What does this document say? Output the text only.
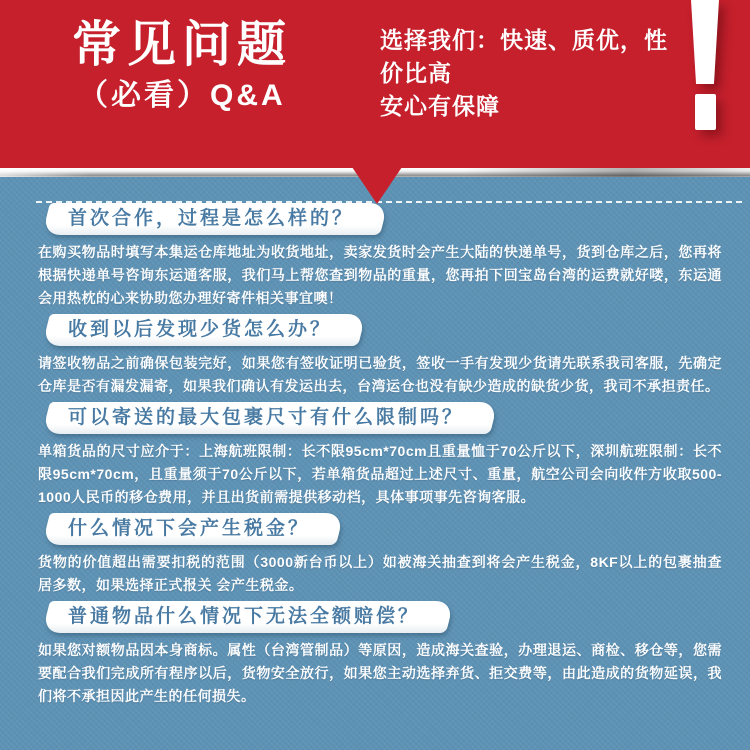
常见问题
（必看）Q&A
选择我们：快速、质优，性价比高
安心有保障
首次合作，过程是怎么样的？
在购买物品时填写本集运仓库地址为收货地址，卖家发货时会产生大陆的快递单号，货到仓库之后，您再将根据快递单号咨询东运通客服，我们马上帮您查到物品的重量，您再拍下回宝岛台湾的运费就好喽，东运通会用热枕的心来协助您办理好寄件相关事宜噢！
收到以后发现少货怎么办？
请签收物品之前确保包装完好，如果您有签收证明已验货，签收一手有发现少货请先联系我司客服，先确定仓库是否有漏发漏寄，如果我们确认有发运出去，台湾运仓也没有缺少造成的缺货少货，我司不承担责任。
可以寄送的最大包裹尺寸有什么限制吗？
单箱货品的尺寸应介于：上海航班限制：长不限95cm*70cm且重量恤于70公斤以下，深圳航班限制：长不限95cm*70cm，且重量须于70公斤以下，若单箱货品超过上述尺寸、重量，航空公司会向收件方收取500-1000人民币的移仓费用，并且出货前需提供移动档，具体事项事先咨询客服。
什么情况下会产生税金？
货物的价值超出需要扣税的范围（3000新台币以上）如被海关抽查到将会产生税金，8KF以上的包裹抽查居多数，如果选择正式报关 会产生税金。
普通物品什么情况下无法全额赔偿？
如果您对额物品因本身商标。属性（台湾管制品）等原因，造成海关查验，办理退运、商检、移仓等，您需要配合我们完成所有程序以后，货物安全放行，如果您主动选择弃货、拒交费等，由此造成的货物延误，我们将不承担因此产生的任何损失。
